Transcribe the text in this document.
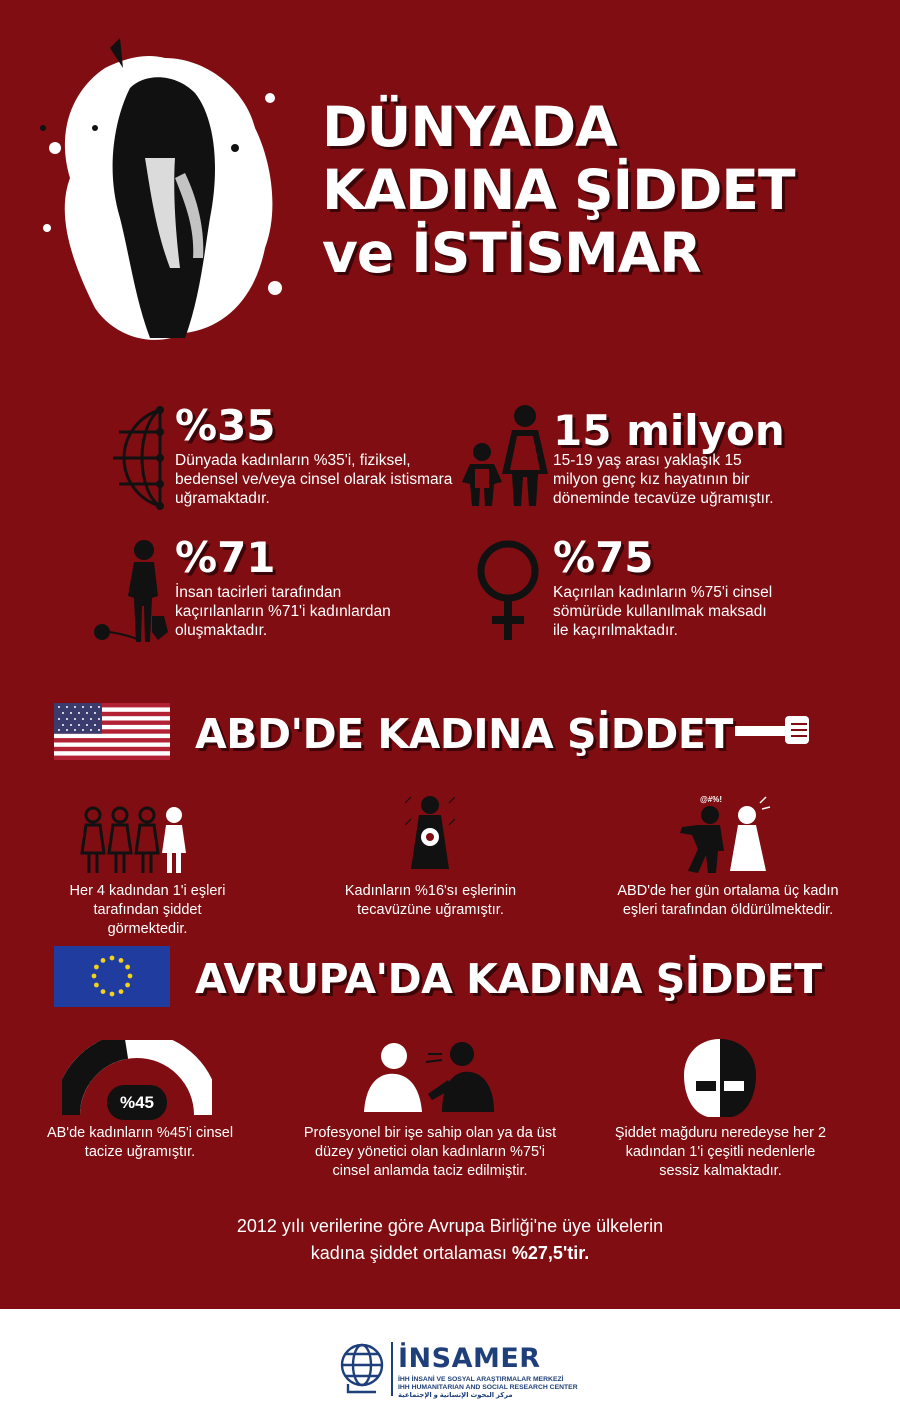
DÜNYADA
KADINA ŞİDDET
ve İSTİSMAR
%35
Dünyada kadınların %35'i, fiziksel, bedensel ve/veya cinsel olarak istismara uğramaktadır.
15 milyon
15-19 yaş arası yaklaşık 15 milyon genç kız hayatının bir döneminde tecavüze uğramıştır.
%71
İnsan tacirleri tarafından kaçırılanların %71'i kadınlardan oluşmaktadır.
%75
Kaçırılan kadınların %75'i cinsel sömürüde kullanılmak maksadı ile kaçırılmaktadır.
ABD'DE KADINA ŞİDDET
Her 4 kadından 1'i eşleri tarafından şiddet görmektedir.
Kadınların %16'sı eşlerinin tecavüzüne uğramıştır.
@#%!
ABD'de her gün ortalama üç kadın eşleri tarafından öldürülmektedir.
AVRUPA'DA KADINA ŞİDDET
%45
AB'de kadınların %45'i cinsel tacize uğramıştır.
Profesyonel bir işe sahip olan ya da üst düzey yönetici olan kadınların %75'i cinsel anlamda taciz edilmiştir.
Şiddet mağduru neredeyse her 2 kadından 1'i çeşitli nedenlerle sessiz kalmaktadır.
2012 yılı verilerine göre Avrupa Birliği'ne üye ülkelerin
kadına şiddet ortalaması %27,5'tir.
İNSAMER
İHH İNSANİ VE SOSYAL ARAŞTIRMALAR MERKEZİ
IHH HUMANITARIAN AND SOCIAL RESEARCH CENTER
مركز البحوث الإنسانية و الإجتماعية
